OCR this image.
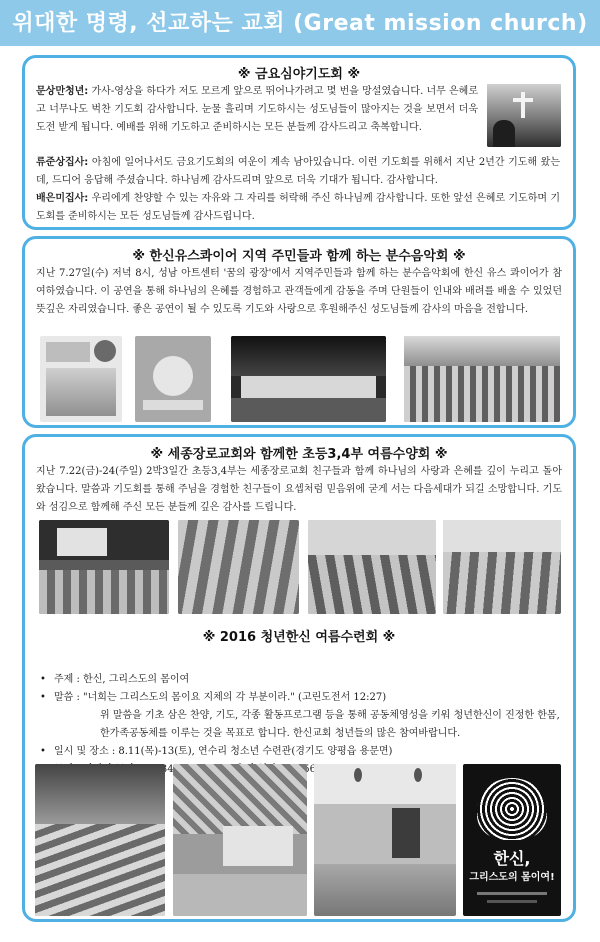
위대한 명령, 선교하는 교회 (Great mission church)
※ 금요심야기도회 ※
문상만청년: 가사-영상을 하다가 저도 모르게 앞으로 뛰어나가려고 몇 번을 망설였습니다. 너무 은혜로고 너무나도 벅찬 기도회 감사합니다. 눈물 흘리며 기도하시는 성도님들이 많아지는 것을 보면서 더욱 도전 받게 됩니다. 예배를 위해 기도하고 준비하시는 모든 분들께 감사드리고 축복합니다.
류준상집사: 아침에 일어나서도 금요기도회의 여운이 계속 남아있습니다. 이런 기도회를 위해서 지난 2년간 기도해 왔는데, 드디어 응답해 주셨습니다. 하나님께 감사드리며 앞으로 더욱 기대가 됩니다. 감사합니다.
배은미집사: 우리에게 찬양할 수 있는 자유와 그 자리를 허락해 주신 하나님께 감사합니다. 또한 앞선 은혜로 기도하며 기도회를 준비하시는 모든 성도님들께 감사드립니다.
※ 한신유스콰이어 지역 주민들과 함께 하는 분수음악회 ※
지난 7.27일(수) 저녁 8시, 성남 아트센터 '꿈의 광장'에서 지역주민들과 함께 하는 분수음악회에 한신 유스 콰이어가 참여하였습니다. 이 공연을 통해 하나님의 은혜를 경험하고 관객들에게 감동을 주며 단원들이 인내와 배려를 배울 수 있었던 뜻깊은 자리였습니다. 좋은 공연이 될 수 있도록 기도와 사랑으로 후원해주신 성도님들께 감사의 마음을 전합니다.
※ 세종장로교회와 함께한 초등3,4부 여름수양회 ※
※ 2016 청년한신 여름수련회 ※
지난 7.22(금)-24(주일) 2박3일간 초등3,4부는 세종장로교회 친구들과 함께 하나님의 사랑과 은혜를 깊이 누리고 돌아왔습니다. 말씀과 기도회를 통해 주님을 경험한 친구들이 요셉처럼 믿음위에 굳게 서는 다음세대가 되길 소망합니다. 기도와 섬김으로 함께해 주신 모든 분들께 깊은 감사를 드립니다.
• 주제 : 한신, 그리스도의 몸이여
• 말씀 : "너희는 그리스도의 몸이요 지체의 각 부분이라." (고린도전서 12:27)
위 말씀을 기초 삼은 찬양, 기도, 각종 활동프로그램 등을 통해 공동체영성을 키워 청년한신이 진정한 한몸, 한가족공동체를 이루는 것을 목표로 합니다. 한신교회 청년들의 많은 참여바랍니다.
• 일시 및 장소 : 8.11(목)-13(토), 연수리 청소년 수련관(경기도 양평읍 용문면)
목사(010-3455-4865), 회장(010-5655-0197)
한신,
그리스도의 몸이여!
